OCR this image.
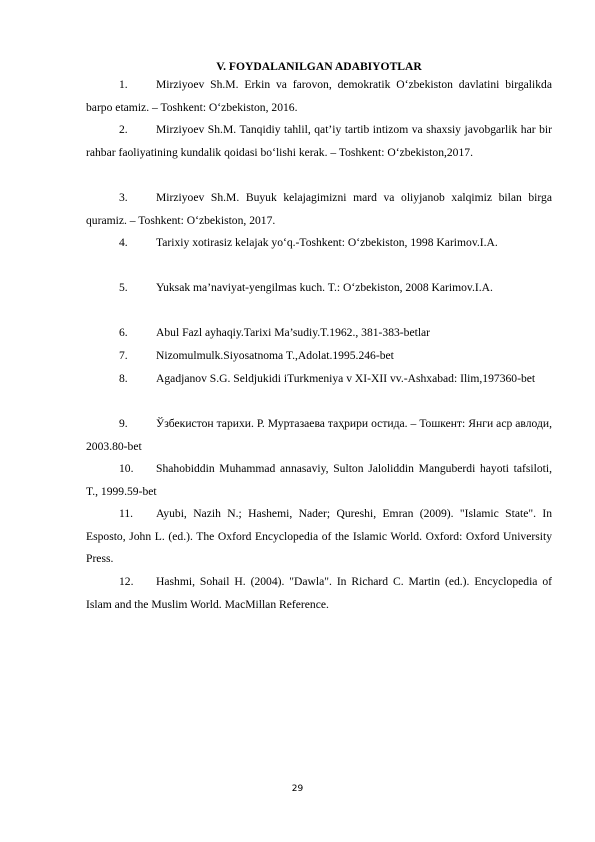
V. FOYDALANILGAN ADABIYOTLAR
1. Mirziyoev Sh.M. Erkin va farovon, demokratik O‘zbekiston davlatini birgalikda barpo etamiz. – Toshkent: O‘zbekiston, 2016.
2. Mirziyoev Sh.M. Tanqidiy tahlil, qat’iy tartib intizom va shaxsiy javobgarlik har bir rahbar faoliyatining kundalik qoidasi bo‘lishi kerak. – Toshkent: O‘zbekiston,2017.
3. Mirziyoev Sh.M. Buyuk kelajagimizni mard va oliyjanob xalqimiz bilan birga quramiz. – Toshkent: O‘zbekiston, 2017.
4. Tarixiy xotirasiz kelajak yo‘q.-Toshkent: O‘zbekiston, 1998 Karimov.I.A.
5. Yuksak ma’naviyat-yengilmas kuch. T.: O‘zbekiston, 2008 Karimov.I.A.
6. Abul Fazl ayhaqiy.Tarixi Ma’sudiy.T.1962., 381-383-betlar
7. Nizomulmulk.Siyosatnoma T.,Adolat.1995.246-bet
8. Agadjanov S.G. Seldjukidi iTurkmeniya v XI-XII vv.-Ashxabad: Ilim,197360-bet
9. Ўзбекистон тарихи. Р. Муртазаева таҳрири остида. – Тошкент: Янги аср авлоди, 2003.80-bet
10. Shahobiddin Muhammad annasaviy, Sulton Jaloliddin Manguberdi hayoti tafsiloti, T., 1999.59-bet
11. Ayubi, Nazih N.; Hashemi, Nader; Qureshi, Emran (2009). "Islamic State". In Esposto, John L. (ed.). The Oxford Encyclopedia of the Islamic World. Oxford: Oxford University Press.
12. Hashmi, Sohail H. (2004). "Dawla". In Richard C. Martin (ed.). Encyclopedia of Islam and the Muslim World. MacMillan Reference.
29
